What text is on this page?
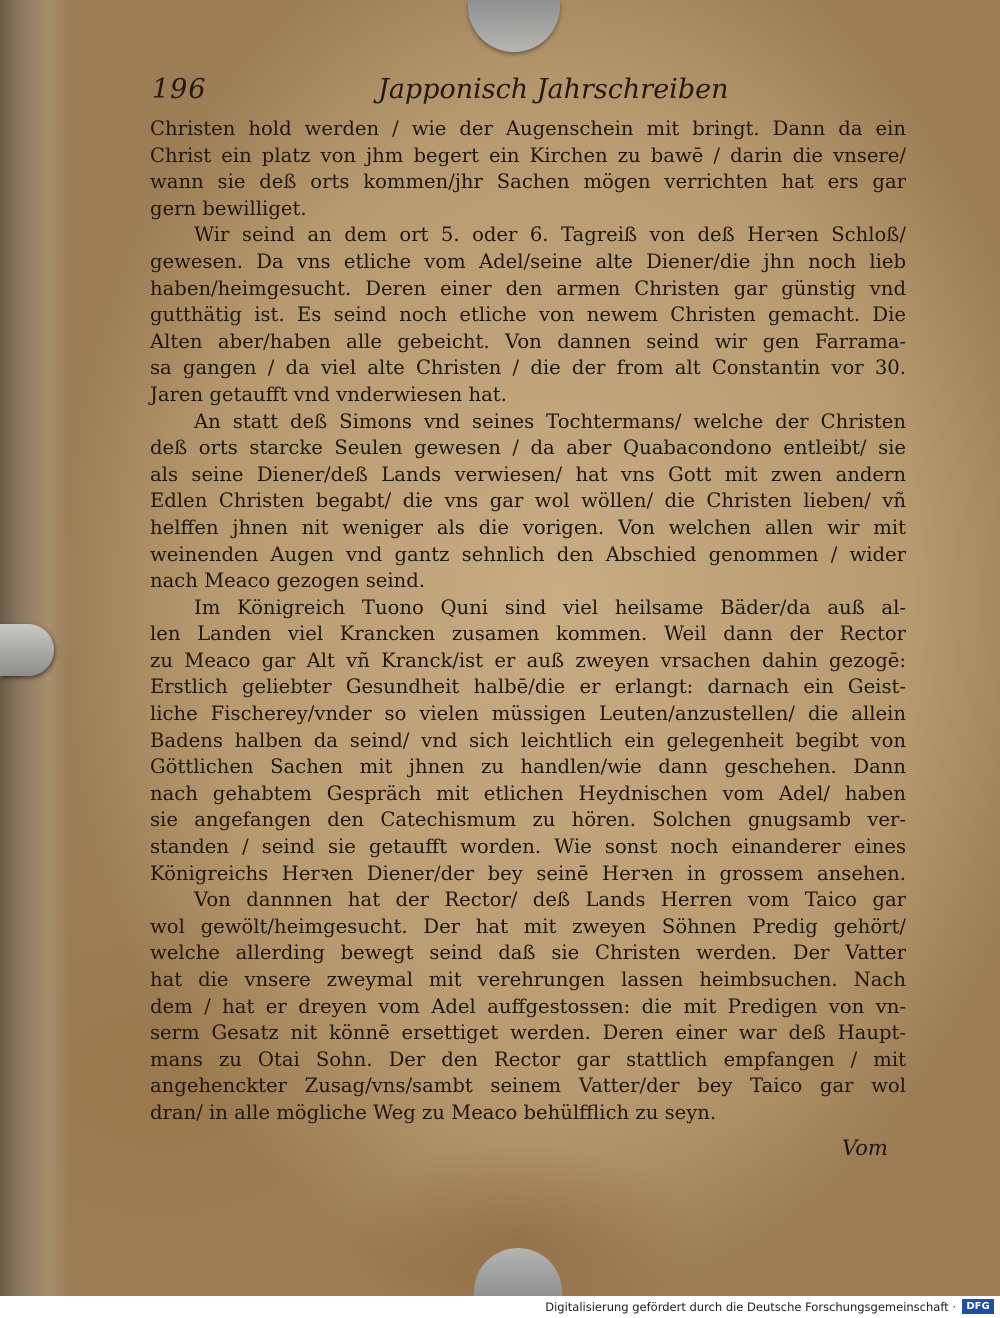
196	Japponisch Jahrschreiben
Christen hold werden / wie der Augenschein mit bringt. Dann da ein
Christ ein platz von jhm begert ein Kirchen zu bawē / darin die vnsere/
wann sie deß orts kommen/jhr Sachen mögen verrichten hat ers gar
gern bewilliget.
Wir seind an dem ort 5. oder 6. Tagreiß von deß Herꝛen Schloß/
gewesen. Da vns etliche vom Adel/seine alte Diener/die jhn noch lieb
haben/heimgesucht. Deren einer den armen Christen gar günstig vnd
gutthätig ist. Es seind noch etliche von newem Christen gemacht. Die
Alten aber/haben alle gebeicht. Von dannen seind wir gen Farrama-
sa gangen / da viel alte Christen / die der from alt Constantin vor 30.
Jaren getaufft vnd vnderwiesen hat.
An statt deß Simons vnd seines Tochtermans/ welche der Christen
deß orts starcke Seulen gewesen / da aber Quabacondono entleibt/ sie
als seine Diener/deß Lands verwiesen/ hat vns Gott mit zwen andern
Edlen Christen begabt/ die vns gar wol wöllen/ die Christen lieben/ vñ
helffen jhnen nit weniger als die vorigen. Von welchen allen wir mit
weinenden Augen vnd gantz sehnlich den Abschied genommen / wider
nach Meaco gezogen seind.
Im Königreich Tuono Quni sind viel heilsame Bäder/da auß al-
len Landen viel Krancken zusamen kommen. Weil dann der Rector
zu Meaco gar Alt vñ Kranck/ist er auß zweyen vrsachen dahin gezogē:
Erstlich geliebter Gesundheit halbē/die er erlangt: darnach ein Geist-
liche Fischerey/vnder so vielen müssigen Leuten/anzustellen/ die allein
Badens halben da seind/ vnd sich leichtlich ein gelegenheit begibt von
Göttlichen Sachen mit jhnen zu handlen/wie dann geschehen. Dann
nach gehabtem Gespräch mit etlichen Heydnischen vom Adel/ haben
sie angefangen den Catechismum zu hören. Solchen gnugsamb ver-
standen / seind sie getaufft worden. Wie sonst noch einanderer eines
Königreichs Herꝛen Diener/der bey seinē Herꝛen in grossem ansehen.
Von dannnen hat der Rector/ deß Lands Herren vom Taico gar
wol gewölt/heimgesucht. Der hat mit zweyen Söhnen Predig gehört/
welche allerding bewegt seind daß sie Christen werden. Der Vatter
hat die vnsere zweymal mit verehrungen lassen heimbsuchen. Nach
dem / hat er dreyen vom Adel auffgestossen: die mit Predigen von vn-
serm Gesatz nit könnē ersettiget werden. Deren einer war deß Haupt-
mans zu Otai Sohn. Der den Rector gar stattlich empfangen / mit
angehenckter Zusag/vns/sambt seinem Vatter/der bey Taico gar wol
dran/ in alle mögliche Weg zu Meaco behülfflich zu seyn.
Vom
Digitalisierung gefördert durch die Deutsche Forschungsgemeinschaft ·	DFG
